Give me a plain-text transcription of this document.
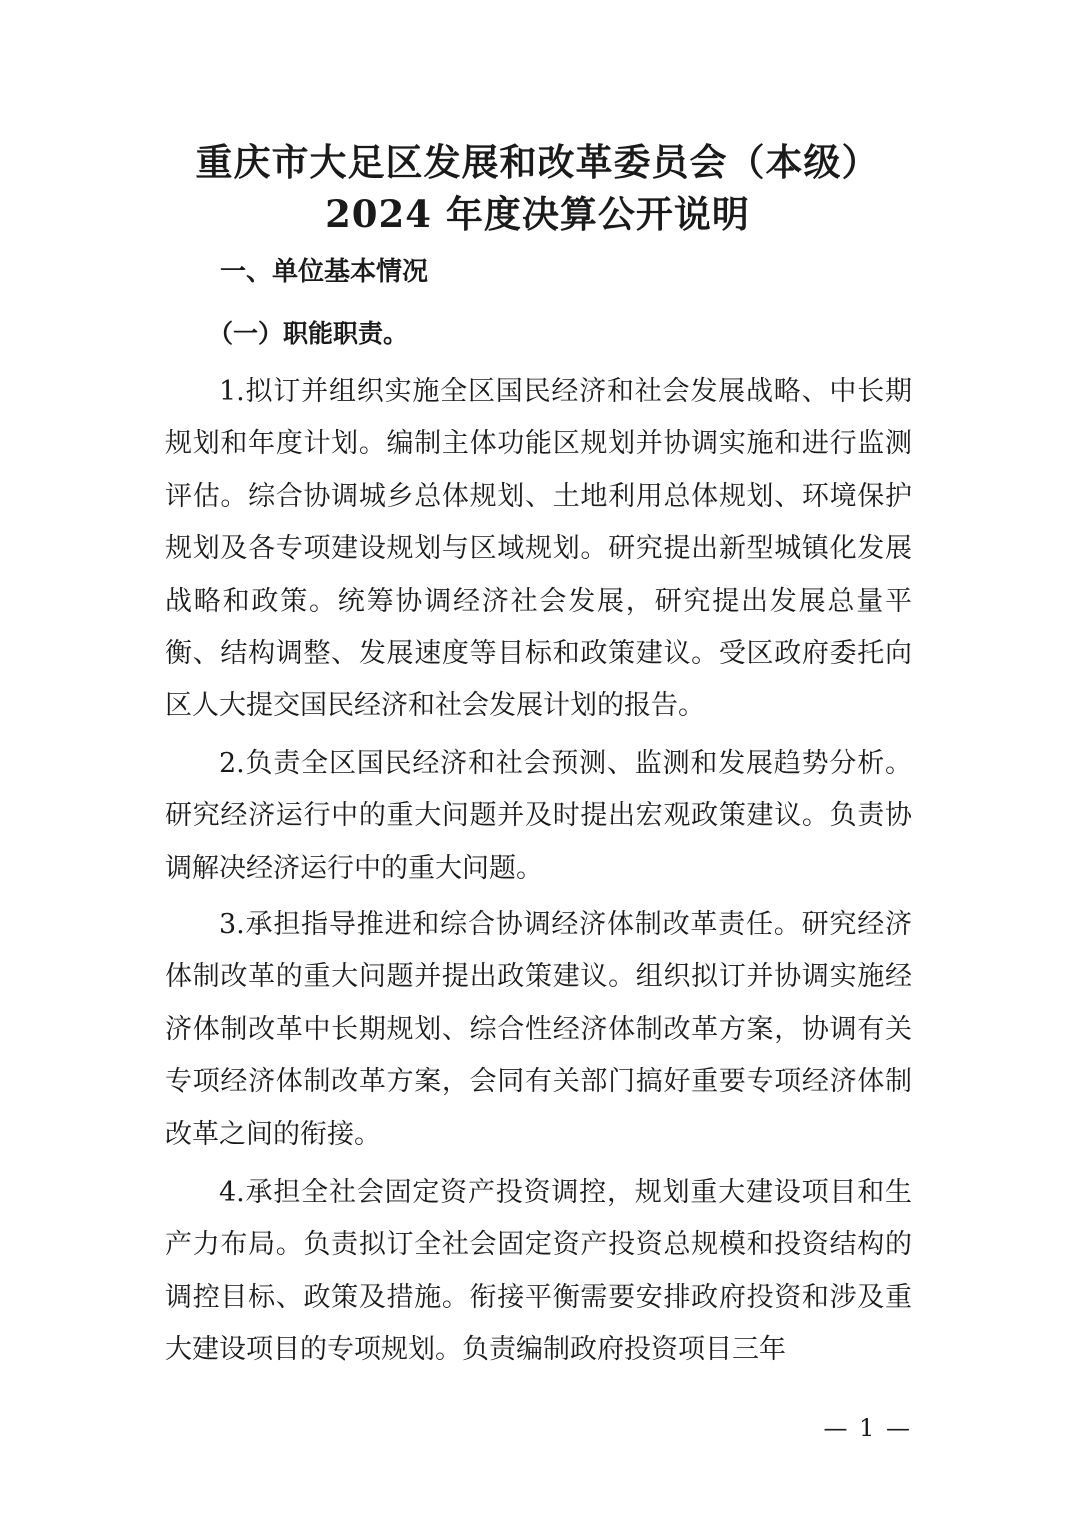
重庆市大足区发展和改革委员会（本级）
2024 年度决算公开说明
一、单位基本情况
（一）职能职责。

1.拟订并组织实施全区国民经济和社会发展战略、中长期规划和年度计划。编制主体功能区规划并协调实施和进行监测评估。综合协调城乡总体规划、土地利用总体规划、环境保护规划及各专项建设规划与区域规划。研究提出新型城镇化发展战略和政策。统筹协调经济社会发展，研究提出发展总量平衡、结构调整、发展速度等目标和政策建议。受区政府委托向区人大提交国民经济和社会发展计划的报告。

2.负责全区国民经济和社会预测、监测和发展趋势分析。研究经济运行中的重大问题并及时提出宏观政策建议。负责协调解决经济运行中的重大问题。

3.承担指导推进和综合协调经济体制改革责任。研究经济体制改革的重大问题并提出政策建议。组织拟订并协调实施经济体制改革中长期规划、综合性经济体制改革方案，协调有关专项经济体制改革方案，会同有关部门搞好重要专项经济体制改革之间的衔接。

4.承担全社会固定资产投资调控，规划重大建设项目和生产力布局。负责拟订全社会固定资产投资总规模和投资结构的调控目标、政策及措施。衔接平衡需要安排政府投资和涉及重大建设项目的专项规划。负责编制政府投资项目三年

— 1 —
